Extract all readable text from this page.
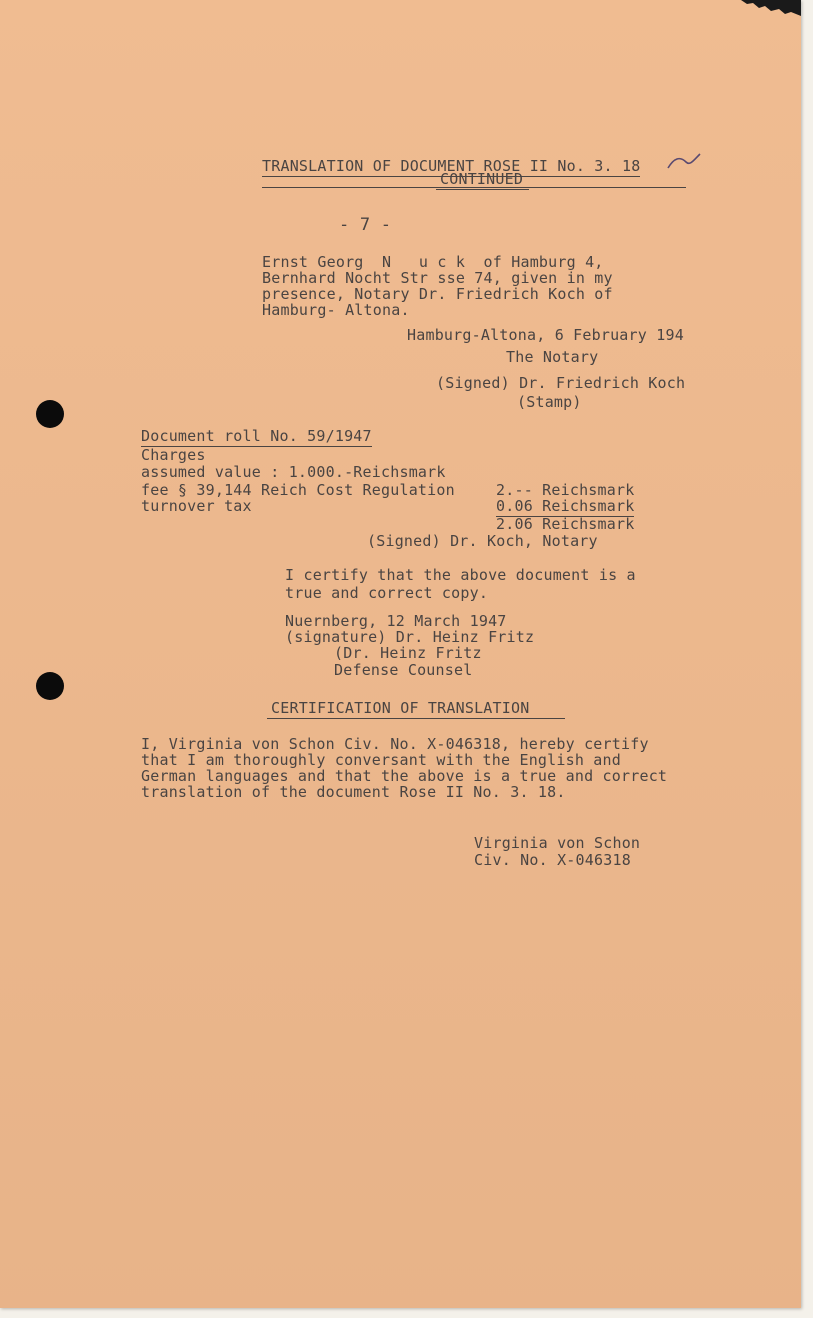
TRANSLATION OF DOCUMENT ROSE II No. 3. 18
CONTINUED
- 7 -
Ernst Georg  N   u c k  of Hamburg 4,
Bernhard Nocht Str sse 74, given in my
presence, Notary Dr. Friedrich Koch of
Hamburg- Altona.
Hamburg-Altona, 6 February 194
The Notary
(Signed) Dr. Friedrich Koch
(Stamp)
Document roll No. 59/1947
Charges
assumed value : 1.000.-Reichsmark
fee § 39,144 Reich Cost Regulation	2.-- Reichsmark
turnover tax	0.06 Reichsmark
2.06 Reichsmark
(Signed) Dr. Koch, Notary
I certify that the above document is a
true and correct copy.
Nuernberg, 12 March 1947
(signature) Dr. Heinz Fritz
(Dr. Heinz Fritz
Defense Counsel
CERTIFICATION OF TRANSLATION
I, Virginia von Schon Civ. No. X-046318, hereby certify
that I am thoroughly conversant with the English and
German languages and that the above is a true and correct
translation of the document Rose II No. 3. 18.
Virginia von Schon
Civ. No. X-046318
